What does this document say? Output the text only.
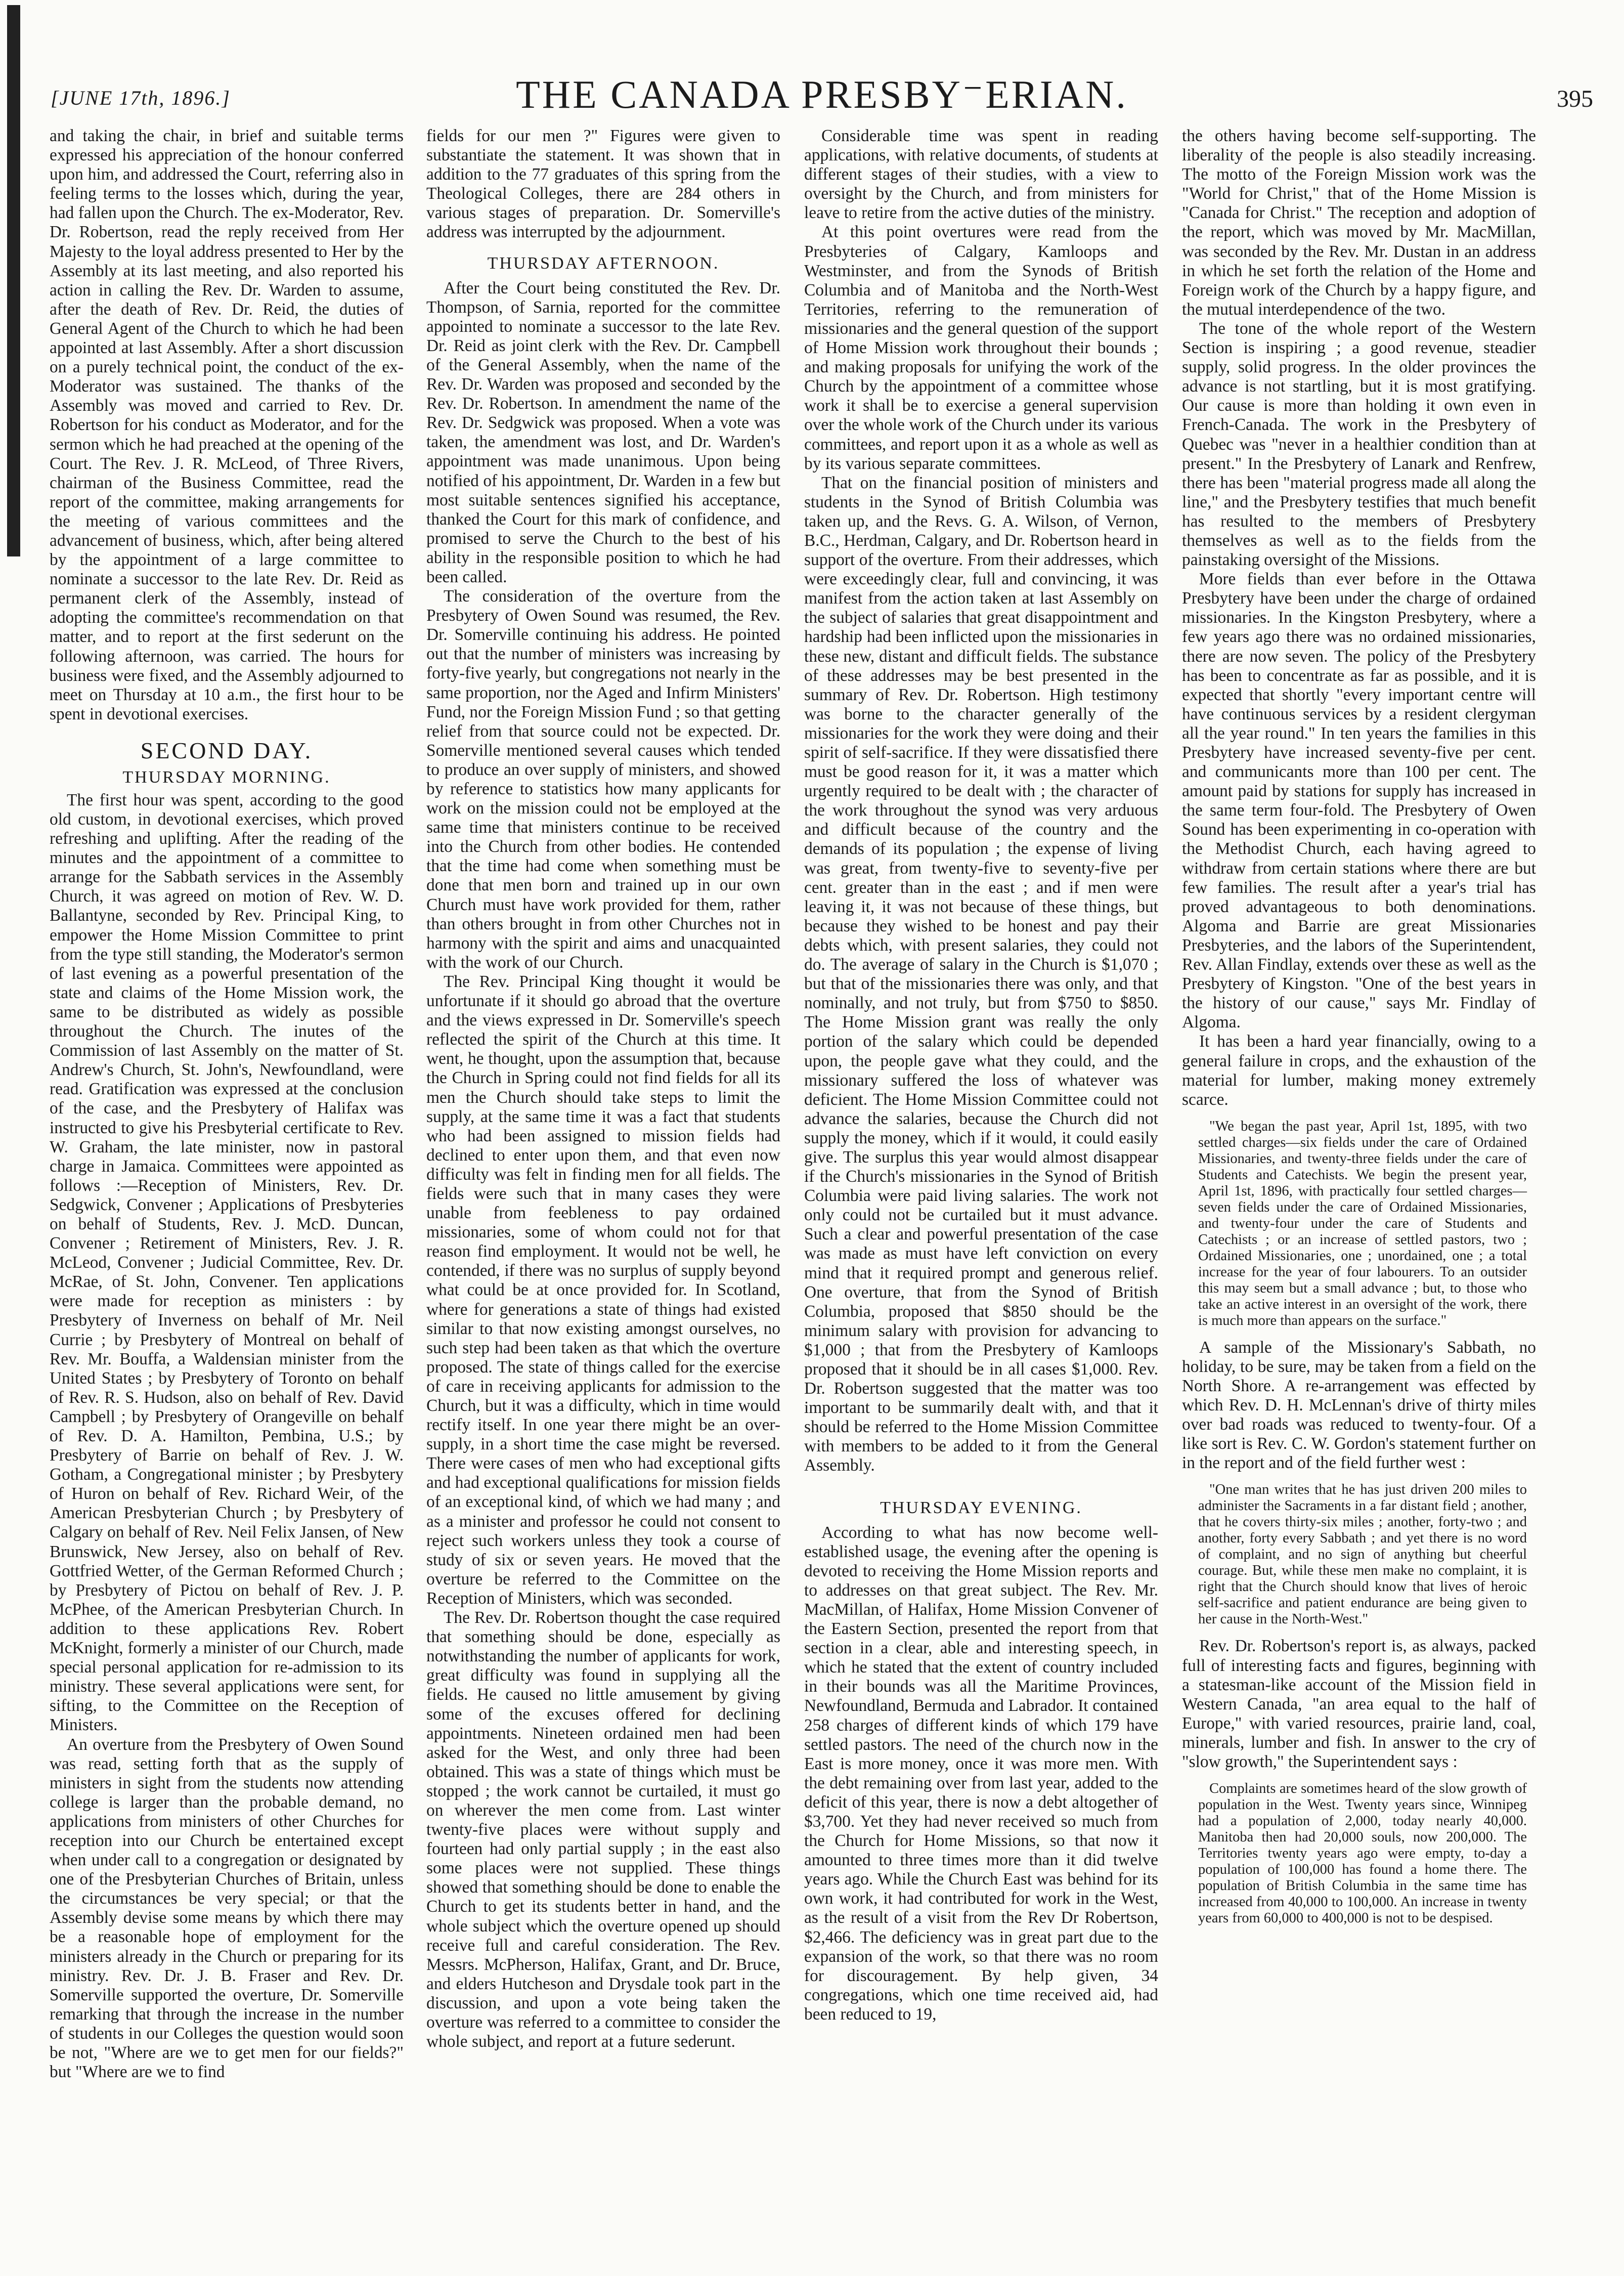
[JUNE 17th, 1896.]	THE CANADA PRESBY⁻ERIAN.	395

and taking the chair, in brief and suitable terms expressed his appreciation of the honour conferred upon him, and addressed the Court, referring also in feeling terms to the losses which, during the year, had fallen upon the Church. The ex-Moderator, Rev. Dr. Robertson, read the reply received from Her Majesty to the loyal address presented to Her by the Assembly at its last meeting, and also reported his action in calling the Rev. Dr. Warden to assume, after the death of Rev. Dr. Reid, the duties of General Agent of the Church to which he had been appointed at last Assembly. After a short discussion on a purely technical point, the conduct of the ex-Moderator was sustained. The thanks of the Assembly was moved and carried to Rev. Dr. Robertson for his conduct as Moderator, and for the sermon which he had preached at the opening of the Court. The Rev. J. R. McLeod, of Three Rivers, chairman of the Business Committee, read the report of the committee, making arrangements for the meeting of various committees and the advancement of business, which, after being altered by the appointment of a large committee to nominate a successor to the late Rev. Dr. Reid as permanent clerk of the Assembly, instead of adopting the committee's recommendation on that matter, and to report at the first sederunt on the following afternoon, was carried. The hours for business were fixed, and the Assembly adjourned to meet on Thursday at 10 a.m., the first hour to be spent in devotional exercises.

SECOND DAY.
THURSDAY MORNING.

The first hour was spent, according to the good old custom, in devotional exercises, which proved refreshing and uplifting. After the reading of the minutes and the appointment of a committee to arrange for the Sabbath services in the Assembly Church, it was agreed on motion of Rev. W. D. Ballantyne, seconded by Rev. Principal King, to empower the Home Mission Committee to print from the type still standing, the Moderator's sermon of last evening as a powerful presentation of the state and claims of the Home Mission work, the same to be distributed as widely as possible throughout the Church. The inutes of the Commission of last Assembly on the matter of St. Andrew's Church, St. John's, Newfoundland, were read. Gratification was expressed at the conclusion of the case, and the Presbytery of Halifax was instructed to give his Presbyterial certificate to Rev. W. Graham, the late minister, now in pastoral charge in Jamaica. Committees were appointed as follows :—Reception of Ministers, Rev. Dr. Sedgwick, Convener ; Applications of Presbyteries on behalf of Students, Rev. J. McD. Duncan, Convener ; Retirement of Ministers, Rev. J. R. McLeod, Convener ; Judicial Committee, Rev. Dr. McRae, of St. John, Convener. Ten applications were made for reception as ministers : by Presbytery of Inverness on behalf of Mr. Neil Currie ; by Presbytery of Montreal on behalf of Rev. Mr. Bouffa, a Waldensian minister from the United States ; by Presbytery of Toronto on behalf of Rev. R. S. Hudson, also on behalf of Rev. David Campbell ; by Presbytery of Orangeville on behalf of Rev. D. A. Hamilton, Pembina, U.S.; by Presbytery of Barrie on behalf of Rev. J. W. Gotham, a Congregational minister ; by Presbytery of Huron on behalf of Rev. Richard Weir, of the American Presbyterian Church ; by Presbytery of Calgary on behalf of Rev. Neil Felix Jansen, of New Brunswick, New Jersey, also on behalf of Rev. Gottfried Wetter, of the German Reformed Church ; by Presbytery of Pictou on behalf of Rev. J. P. McPhee, of the American Presbyterian Church. In addition to these applications Rev. Robert McKnight, formerly a minister of our Church, made special personal application for re-admission to its ministry. These several applications were sent, for sifting, to the Committee on the Reception of Ministers.

An overture from the Presbytery of Owen Sound was read, setting forth that as the supply of ministers in sight from the students now attending college is larger than the probable demand, no applications from ministers of other Churches for reception into our Church be entertained except when under call to a congregation or designated by one of the Presbyterian Churches of Britain, unless the circumstances be very special; or that the Assembly devise some means by which there may be a reasonable hope of employment for the ministers already in the Church or preparing for its ministry. Rev. Dr. J. B. Fraser and Rev. Dr. Somerville supported the overture, Dr. Somerville remarking that through the increase in the number of students in our Colleges the question would soon be not, "Where are we to get men for our fields?" but "Where are we to find

fields for our men ?" Figures were given to substantiate the statement. It was shown that in addition to the 77 graduates of this spring from the Theological Colleges, there are 284 others in various stages of preparation. Dr. Somerville's address was interrupted by the adjournment.

THURSDAY AFTERNOON.

After the Court being constituted the Rev. Dr. Thompson, of Sarnia, reported for the committee appointed to nominate a successor to the late Rev. Dr. Reid as joint clerk with the Rev. Dr. Campbell of the General Assembly, when the name of the Rev. Dr. Warden was proposed and seconded by the Rev. Dr. Robertson. In amendment the name of the Rev. Dr. Sedgwick was proposed. When a vote was taken, the amendment was lost, and Dr. Warden's appointment was made unanimous. Upon being notified of his appointment, Dr. Warden in a few but most suitable sentences signified his acceptance, thanked the Court for this mark of confidence, and promised to serve the Church to the best of his ability in the responsible position to which he had been called.

The consideration of the overture from the Presbytery of Owen Sound was resumed, the Rev. Dr. Somerville continuing his address. He pointed out that the number of ministers was increasing by forty-five yearly, but congregations not nearly in the same proportion, nor the Aged and Infirm Ministers' Fund, nor the Foreign Mission Fund ; so that getting relief from that source could not be expected. Dr. Somerville mentioned several causes which tended to produce an over supply of ministers, and showed by reference to statistics how many applicants for work on the mission could not be employed at the same time that ministers continue to be received into the Church from other bodies. He contended that the time had come when something must be done that men born and trained up in our own Church must have work provided for them, rather than others brought in from other Churches not in harmony with the spirit and aims and unacquainted with the work of our Church.

The Rev. Principal King thought it would be unfortunate if it should go abroad that the overture and the views expressed in Dr. Somerville's speech reflected the spirit of the Church at this time. It went, he thought, upon the assumption that, because the Church in Spring could not find fields for all its men the Church should take steps to limit the supply, at the same time it was a fact that students who had been assigned to mission fields had declined to enter upon them, and that even now difficulty was felt in finding men for all fields. The fields were such that in many cases they were unable from feebleness to pay ordained missionaries, some of whom could not for that reason find employment. It would not be well, he contended, if there was no surplus of supply beyond what could be at once provided for. In Scotland, where for generations a state of things had existed similar to that now existing amongst ourselves, no such step had been taken as that which the overture proposed. The state of things called for the exercise of care in receiving applicants for admission to the Church, but it was a difficulty, which in time would rectify itself. In one year there might be an over-supply, in a short time the case might be reversed. There were cases of men who had exceptional gifts and had exceptional qualifications for mission fields of an exceptional kind, of which we had many ; and as a minister and professor he could not consent to reject such workers unless they took a course of study of six or seven years. He moved that the overture be referred to the Committee on the Reception of Ministers, which was seconded.

The Rev. Dr. Robertson thought the case required that something should be done, especially as notwithstanding the number of applicants for work, great difficulty was found in supplying all the fields. He caused no little amusement by giving some of the excuses offered for declining appointments. Nineteen ordained men had been asked for the West, and only three had been obtained. This was a state of things which must be stopped ; the work cannot be curtailed, it must go on wherever the men come from. Last winter twenty-five places were without supply and fourteen had only partial supply ; in the east also some places were not supplied. These things showed that something should be done to enable the Church to get its students better in hand, and the whole subject which the overture opened up should receive full and careful consideration. The Rev. Messrs. McPherson, Halifax, Grant, and Dr. Bruce, and elders Hutcheson and Drysdale took part in the discussion, and upon a vote being taken the overture was referred to a committee to consider the whole subject, and report at a future sederunt.

Considerable time was spent in reading applications, with relative documents, of students at different stages of their studies, with a view to oversight by the Church, and from ministers for leave to retire from the active duties of the ministry.

At this point overtures were read from the Presbyteries of Calgary, Kamloops and Westminster, and from the Synods of British Columbia and of Manitoba and the North-West Territories, referring to the remuneration of missionaries and the general question of the support of Home Mission work throughout their bounds ; and making proposals for unifying the work of the Church by the appointment of a committee whose work it shall be to exercise a general supervision over the whole work of the Church under its various committees, and report upon it as a whole as well as by its various separate committees.

That on the financial position of ministers and students in the Synod of British Columbia was taken up, and the Revs. G. A. Wilson, of Vernon, B.C., Herdman, Calgary, and Dr. Robertson heard in support of the overture. From their addresses, which were exceedingly clear, full and convincing, it was manifest from the action taken at last Assembly on the subject of salaries that great disappointment and hardship had been inflicted upon the missionaries in these new, distant and difficult fields. The substance of these addresses may be best presented in the summary of Rev. Dr. Robertson. High testimony was borne to the character generally of the missionaries for the work they were doing and their spirit of self-sacrifice. If they were dissatisfied there must be good reason for it, it was a matter which urgently required to be dealt with ; the character of the work throughout the synod was very arduous and difficult because of the country and the demands of its population ; the expense of living was great, from twenty-five to seventy-five per cent. greater than in the east ; and if men were leaving it, it was not because of these things, but because they wished to be honest and pay their debts which, with present salaries, they could not do. The average of salary in the Church is $1,070 ; but that of the missionaries there was only, and that nominally, and not truly, but from $750 to $850. The Home Mission grant was really the only portion of the salary which could be depended upon, the people gave what they could, and the missionary suffered the loss of whatever was deficient. The Home Mission Committee could not advance the salaries, because the Church did not supply the money, which if it would, it could easily give. The surplus this year would almost disappear if the Church's missionaries in the Synod of British Columbia were paid living salaries. The work not only could not be curtailed but it must advance. Such a clear and powerful presentation of the case was made as must have left conviction on every mind that it required prompt and generous relief. One overture, that from the Synod of British Columbia, proposed that $850 should be the minimum salary with provision for advancing to $1,000 ; that from the Presbytery of Kamloops proposed that it should be in all cases $1,000. Rev. Dr. Robertson suggested that the matter was too important to be summarily dealt with, and that it should be referred to the Home Mission Committee with members to be added to it from the General Assembly.

THURSDAY EVENING.

According to what has now become well-established usage, the evening after the opening is devoted to receiving the Home Mission reports and to addresses on that great subject. The Rev. Mr. MacMillan, of Halifax, Home Mission Convener of the Eastern Section, presented the report from that section in a clear, able and interesting speech, in which he stated that the extent of country included in their bounds was all the Maritime Provinces, Newfoundland, Bermuda and Labrador. It contained 258 charges of different kinds of which 179 have settled pastors. The need of the church now in the East is more money, once it was more men. With the debt remaining over from last year, added to the deficit of this year, there is now a debt altogether of $3,700. Yet they had never received so much from the Church for Home Missions, so that now it amounted to three times more than it did twelve years ago. While the Church East was behind for its own work, it had contributed for work in the West, as the result of a visit from the Rev Dr Robertson, $2,466. The deficiency was in great part due to the expansion of the work, so that there was no room for discouragement. By help given, 34 congregations, which one time received aid, had been reduced to 19,

the others having become self-supporting. The liberality of the people is also steadily increasing. The motto of the Foreign Mission work was the "World for Christ," that of the Home Mission is "Canada for Christ." The reception and adoption of the report, which was moved by Mr. MacMillan, was seconded by the Rev. Mr. Dustan in an address in which he set forth the relation of the Home and Foreign work of the Church by a happy figure, and the mutual interdependence of the two.

The tone of the whole report of the Western Section is inspiring ; a good revenue, steadier supply, solid progress. In the older provinces the advance is not startling, but it is most gratifying. Our cause is more than holding it own even in French-Canada. The work in the Presbytery of Quebec was "never in a healthier condition than at present." In the Presbytery of Lanark and Renfrew, there has been "material progress made all along the line," and the Presbytery testifies that much benefit has resulted to the members of Presbytery themselves as well as to the fields from the painstaking oversight of the Missions.

More fields than ever before in the Ottawa Presbytery have been under the charge of ordained missionaries. In the Kingston Presbytery, where a few years ago there was no ordained missionaries, there are now seven. The policy of the Presbytery has been to concentrate as far as possible, and it is expected that shortly "every important centre will have continuous services by a resident clergyman all the year round." In ten years the families in this Presbytery have increased seventy-five per cent. and communicants more than 100 per cent. The amount paid by stations for supply has increased in the same term four-fold. The Presbytery of Owen Sound has been experimenting in co-operation with the Methodist Church, each having agreed to withdraw from certain stations where there are but few families. The result after a year's trial has proved advantageous to both denominations. Algoma and Barrie are great Missionaries Presbyteries, and the labors of the Superintendent, Rev. Allan Findlay, extends over these as well as the Presbytery of Kingston. "One of the best years in the history of our cause," says Mr. Findlay of Algoma.

It has been a hard year financially, owing to a general failure in crops, and the exhaustion of the material for lumber, making money extremely scarce.

"We began the past year, April 1st, 1895, with two settled charges—six fields under the care of Ordained Missionaries, and twenty-three fields under the care of Students and Catechists. We begin the present year, April 1st, 1896, with practically four settled charges—seven fields under the care of Ordained Missionaries, and twenty-four under the care of Students and Catechists ; or an increase of settled pastors, two ; Ordained Missionaries, one ; unordained, one ; a total increase for the year of four labourers. To an outsider this may seem but a small advance ; but, to those who take an active interest in an oversight of the work, there is much more than appears on the surface."

A sample of the Missionary's Sabbath, no holiday, to be sure, may be taken from a field on the North Shore. A re-arrangement was effected by which Rev. D. H. McLennan's drive of thirty miles over bad roads was reduced to twenty-four. Of a like sort is Rev. C. W. Gordon's statement further on in the report and of the field further west :

"One man writes that he has just driven 200 miles to administer the Sacraments in a far distant field ; another, that he covers thirty-six miles ; another, forty-two ; and another, forty every Sabbath ; and yet there is no word of complaint, and no sign of anything but cheerful courage. But, while these men make no complaint, it is right that the Church should know that lives of heroic self-sacrifice and patient endurance are being given to her cause in the North-West."

Rev. Dr. Robertson's report is, as always, packed full of interesting facts and figures, beginning with a statesman-like account of the Mission field in Western Canada, "an area equal to the half of Europe," with varied resources, prairie land, coal, minerals, lumber and fish. In answer to the cry of "slow growth," the Superintendent says :

Complaints are sometimes heard of the slow growth of population in the West. Twenty years since, Winnipeg had a population of 2,000, today nearly 40,000. Manitoba then had 20,000 souls, now 200,000. The Territories twenty years ago were empty, to-day a population of 100,000 has found a home there. The population of British Columbia in the same time has increased from 40,000 to 100,000. An increase in twenty years from 60,000 to 400,000 is not to be despised.
